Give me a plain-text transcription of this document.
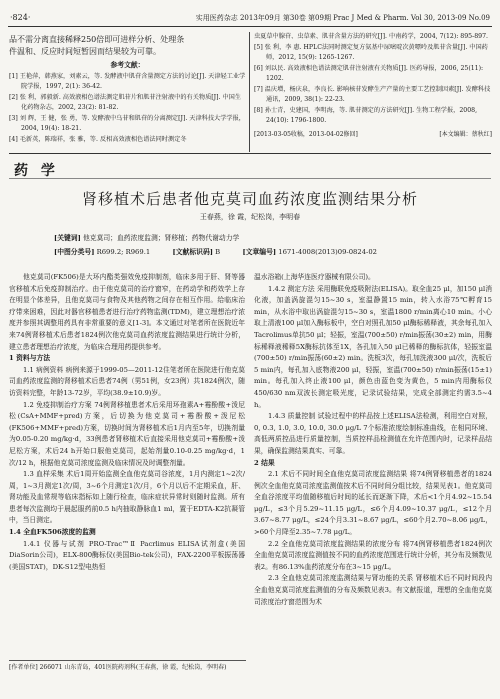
·824·	实用医药杂志 2013年09月 第30卷 第09期 Prac J Med & Pharm. Vol 30, 2013-09 No.09

品不需分离直接稀释250倍即可进样分析、处理条

件温和、反应时间短暂因而结果较为可靠。

参考文献：

[1] 王艳萍，韩燕家，刘素云，等. 发酵液中肌苷含量测定方法的讨论[J]. 天津轻工业学院学报，1997, 2(1): 36-42.

[2] 张 利，郭毅新. 高效液相色谱法测定肌苷片和肌苷注射液中的有关物质[J]. 中国生化药物杂志，2002, 23(2): 81-82.

[3] 刘 辉，王 健，张 勇，等. 发酵液中乌苷和肌苷的分离测定[J]. 天津科技大学学报，2004, 19(4): 18-21.

[4] 毛新英，陈瑞祥，张 雅，等. 反相高效液相色谱法同时测定冬

虫夏草中腺苷、虫草素、肌苷含量方法的研究[J]. 中南药学，2004, 7(12): 895-897.

[5] 张 利，李 惠. HPLC法同时测定复方氨基中尿嘧啶次黄嘌呤及肌苷含量[J]. 中国药师，2012, 15(9): 1265-1267.

[6] 刘以民. 高效液相色谱法测定肌苷注射液有关物质[J]. 医药导报，2006, 25(11): 1202.

[7] 温庆增，杨庆泉，李良长. 影响核苷发酵生产产量的主要工艺控制因素[J]. 发酵科技通讯，2009, 38(1): 22-23.

[8] 孙士青，史建国，李明海，等. 肌苷测定的方法研究[J]. 生物工程学报，2008, 24(10): 1796-1800.

[2013-03-05收稿，2013-04-02修回]	[本文编辑：蔡秋红]
药 学
肾移植术后患者他克莫司血药浓度监测结果分析
王春燕，徐 霞，纪松岗，李明春
[关键词] 他克莫司；血药浓度监测；肾移植；药物代谢动力学
[中图分类号] R699.2; R969.1	[文献标识码] B	[文章编号] 1671-4008(2013)09-0824-02

他克莫司(FK506)是大环内酯类强效免疫抑制剂，临床多用于肝、肾等器官移植术后免疫抑制治疗。由于他克莫司的治疗窗窄，在药动学和药效学上存在明显个体差异，且他克莫司与食物及其他药物之间存在相互作用。给临床治疗带来困难，因此对器官移植患者进行治疗药物监测(TDM)，建立理想治疗浓度并参照其调整用药具有非常重要的意义[1-3]。本文通过对笔者所在医院近年来74例肾移植术后患者1824例次他克莫司血药浓度监测结果进行统计分析，建立患者理想治疗浓度，为临床合理用药提供参考。

1 资料与方法

1.1 病例资料 病例来源于1999-05—2011-12住笔者所在医院进行他克莫司血药浓度监测的肾移植术后患者74例（男51例，女23例）共1824例次，随访资料完整，年龄13-72岁，平均(38.9±10.9)岁。

1.2 免疫抑制治疗方案 74例肾移植患者术后采用环孢素A+霉酚酸+泼尼松(CsA+MMF+pred)方案，后切换为他克莫司+霉酚酸+泼尼松(FK506+MMF+pred)方案，切换时间为肾移植术后1月内至5年，切换剂量为0.05-0.20 mg/kg·d，33例患者肾移植术后直接采用他克莫司+霉酚酸+泼尼松方案，术后24 h开始口服他克莫司，起始剂量0.10-0.25 mg/kg·d，1次/12 h，根据他克莫司浓度监测及临床情况及时调整剂量。

1.3 血样采集 术后1周开始监测全血他克莫司谷浓度，1月内测定1~2次/周，1~3月测定1次/周，3~6个月测定1次/月，6个月以后不定期采血，肝、肾功能及血常规等临床指标如上随行检查，临床症状异常时则随时监测。所有患者每次监测均于晨起服药前0.5 h内抽取静脉血1 ml，置于EDTA-K2抗凝管中，当日测定。

1.4 全血FK506浓度的监测

1.4.1 仪器与试剂 PRO-Trac™Ⅱ Pacrlimus ELISA试剂盒(美国DiaSorin公司)，ELX-800酶标仪(美国Bio-tek公司)，FAX-2200平板振荡器(美国STAT)，DK-S12型电热恒

温水浴箱(上海华连医疗器械有限公司)。

1.4.2 测定方法 采用酶联免疫吸附法(ELISA)。取全血25 μl，加150 μl消化液，加盖涡旋混匀15~30 s，室温静置15 min，转入水浴75℃孵育15 min，从水浴中取出涡旋混匀15~30 s，室温1800 r/min离心10 min。小心取上清液100 μl加入酶标板中，空白对照孔加50 μl酶标稀释液，其余每孔加入Tacrolimus单抗50 μl；轻振，室温(700±50) r/min振荡(30±2) min，用酶标稀释液稀释5X酶标抗体至1X，各孔加入50 μl已稀释的酶标抗体，轻振室温(700±50) r/min振荡(60±2) min。洗板3次，每孔加洗液300 μl/次，洗板后5 min内，每孔加入底物液200 μl，轻振，室温(700±50) r/min振荡(15±1) min。每孔加入终止液100 μl，颜色由蓝色变为黄色，5 min内用酶标仪450/630 nm双波长测定吸光度，记录试验结果，完成全部测定约需3.5~4 h。

1.4.3 质量控制 试验过程中的样品按上述ELISA法检测，利用空白对照，0, 0.3, 1.0, 3.0, 10.0, 30.0 μg/L 7个标准浓度绘制标准曲线，在相同环境、高低两质控品进行质量控制，当质控样品检测值在允许范围内时，记录样品结果，确保监测结果真实、可靠。

2 结果

2.1 术后不同时间全血他克莫司浓度监测结果 将74例肾移植患者的1824例次全血他克莫司浓度监测值按术后不同时间分组比较，结果见表1。他克莫司全血谷浓度平均值随移植后时间的延长而逐渐下降，术后<1个月4.92~15.54 μg/L，≤3个月5.29~11.15 μg/L，≤6个月4.09~10.37 μg/L，≤12个月3.67~8.77 μg/L，≤24个月3.31~8.67 μg/L，≤60个月2.70~8.06 μg/L，>60个月降至2.35~7.78 μg/L。

2.2 全血他克莫司浓度监测结果的浓度分布 将74例肾移植患者1824例次全血他克莫司浓度监测值按不同的血药浓度范围进行统计分析，其分布及频数见表2。有86.13%血药浓度分布在3~15 μg/L。

2.3 全血他克莫司浓度监测结果与肾功能的关系 肾移植术后不同时间段内全血他克莫司浓度监测值的分布及频数见表3。有文献报道，理想的全血他克莫司浓度治疗窗范围为术

[作者单位] 266071 山东青岛，401医院药剂科(王春燕，徐 霞，纪松岗，李明春)
